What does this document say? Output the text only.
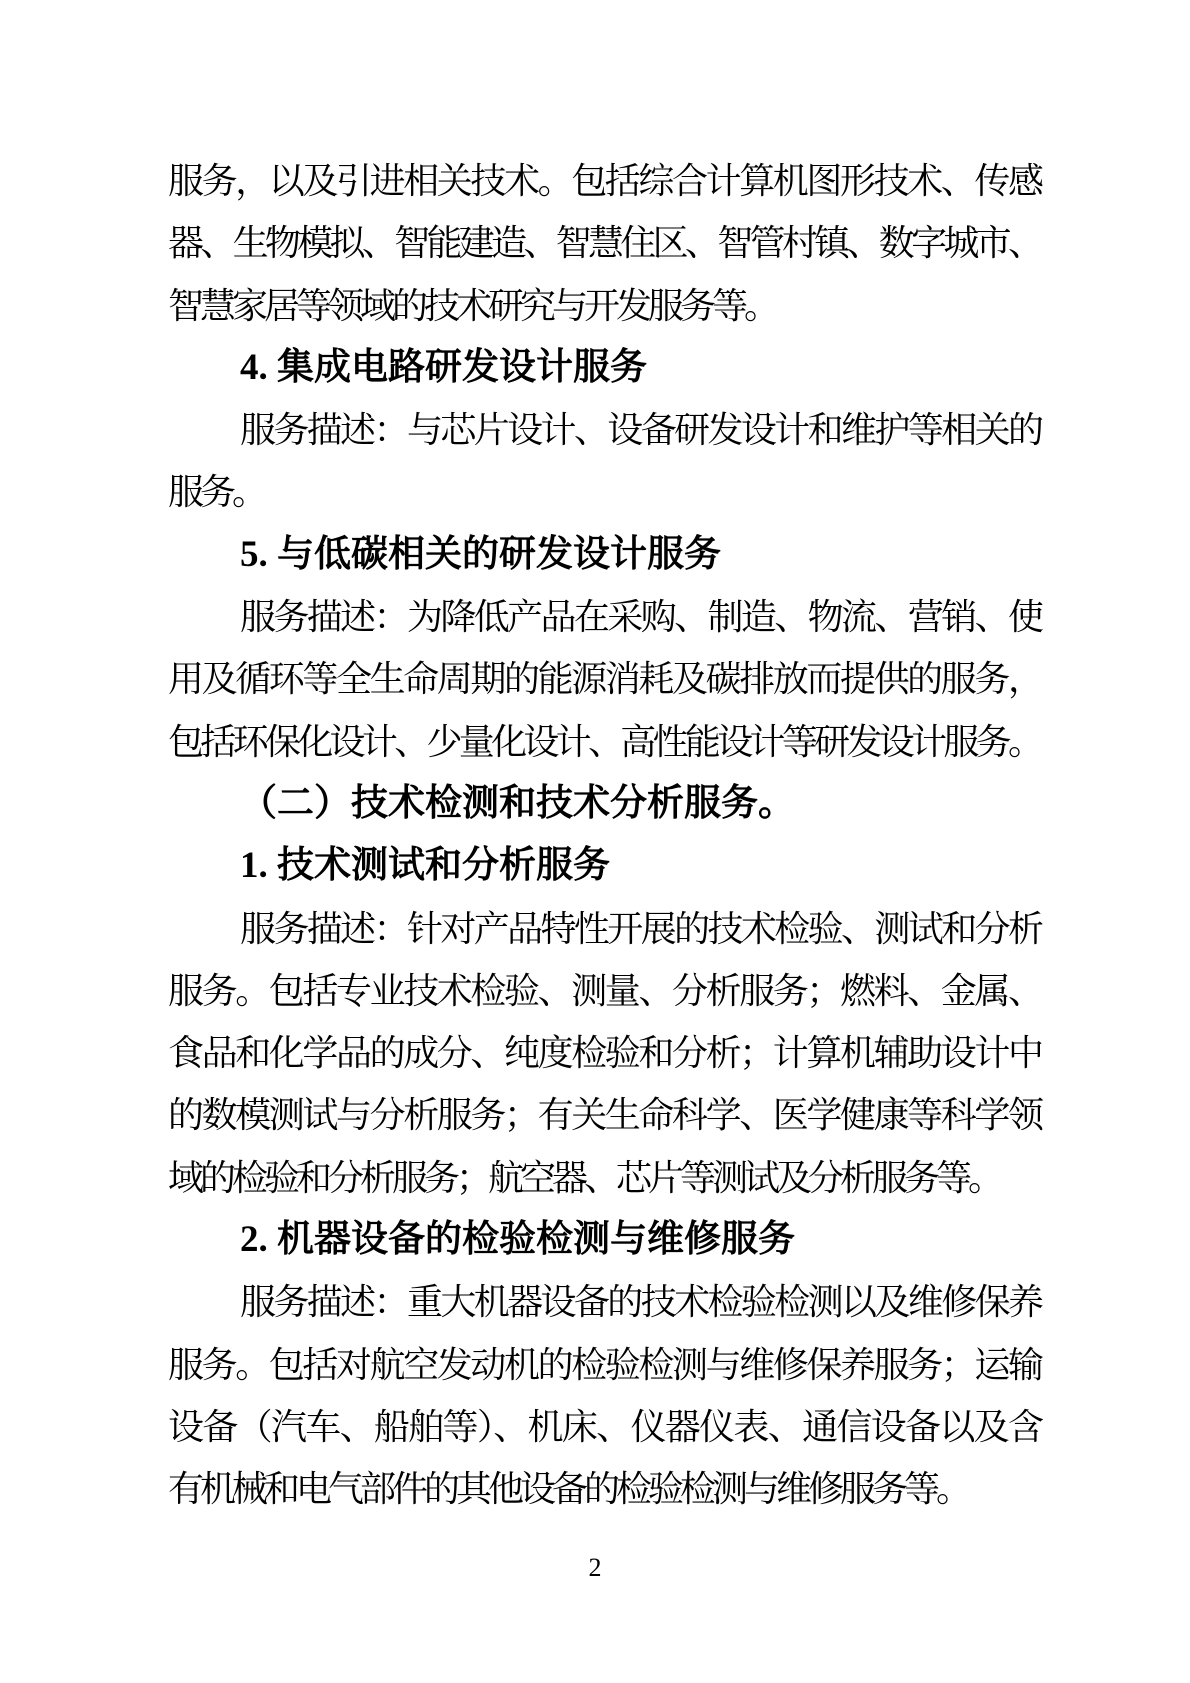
服务，以及引进相关技术。包括综合计算机图形技术、传感
器、生物模拟、智能建造、智慧住区、智管村镇、数字城市、
智慧家居等领域的技术研究与开发服务等。
4. 集成电路研发设计服务
服务描述：与芯片设计、设备研发设计和维护等相关的
服务。
5. 与低碳相关的研发设计服务
服务描述：为降低产品在采购、制造、物流、营销、使
用及循环等全生命周期的能源消耗及碳排放而提供的服务，
包括环保化设计、少量化设计、高性能设计等研发设计服务。
（二）技术检测和技术分析服务。
1. 技术测试和分析服务
服务描述：针对产品特性开展的技术检验、测试和分析
服务。包括专业技术检验、测量、分析服务；燃料、金属、
食品和化学品的成分、纯度检验和分析；计算机辅助设计中
的数模测试与分析服务；有关生命科学、医学健康等科学领
域的检验和分析服务；航空器、芯片等测试及分析服务等。
2. 机器设备的检验检测与维修服务
服务描述：重大机器设备的技术检验检测以及维修保养
服务。包括对航空发动机的检验检测与维修保养服务；运输
设备（汽车、船舶等）、机床、仪器仪表、通信设备以及含
有机械和电气部件的其他设备的检验检测与维修服务等。
2
